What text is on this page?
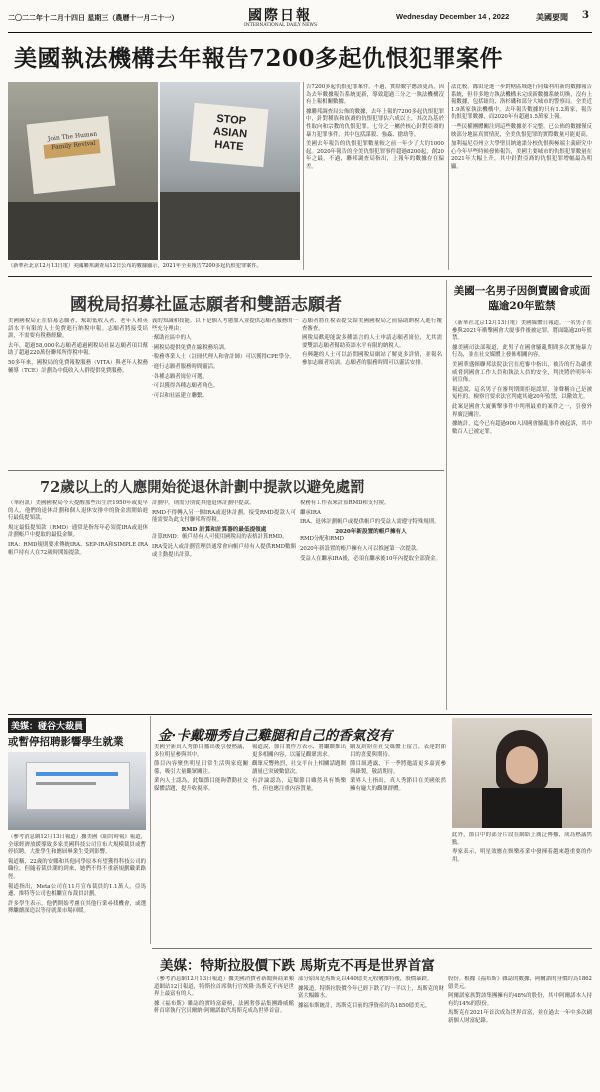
二〇二二年十二月十四日 星期三（農曆十一月二十一）	國際日報
INTERNATIONAL DAILY NEWS
Wednesday December 14 , 2022	美國要聞 3
美國執法機構去年報告7200多起仇恨犯罪案件
Join The Human Family Revival
STOP ASIAN HATE
（新華社北京12月13日電）美國聯邦調查局12日公布的數據顯示，2021年全美報告7200多起仇恨犯罪案件。

告7200多起仇恨犯罪案件。不過，實際數字應該更高，因為去年數據報告系統更新，導致超過三分之一執法機構沒有上報相關數據。

據聯邦調查局公佈的數據，去年上報的7200多起仇恨犯罪中，針對種族和族裔的仇恨犯罪佔六成以上，其次為基於性取向和宗教的仇恨犯罪。七分之一屬於核心針對亞裔的暴力犯罪事件，其中包括謀殺、強姦、搶劫等。

美國去年報告的仇恨犯罪數量較之前一年少了大約1000起。2020年報告的全美仇恨犯罪事件超過8200起，創20年之最。不過，聯邦調查局指出，上報年的數據存在偏差。

法比較。緣由是進一步對轄區域進行同類利用新的數據報告系統，但非多地方執法機構未完成新數據系統切換，沒有上報數據，包括紐約、洛杉磯和部分大城市的警察局。全美近1.9萬家執法機構中，去年報告數據的只有1.2萬家，報告仇恨犯罪數據，而2020年有超過1.5萬家上報。

一些民權團體關注到這些數據並不完整。已公佈的數據僅反映部分地區真實情況，全美仇恨犯罪的實際數量可能更高。

加利福尼亞州立大學聖貝納迪諾分校仇恨與極端主義研究中心今年早些時候發佈報告，美國主要城市的仇恨犯罪數量在2021年大幅上升，其中針對亞裔的仇恨犯罪增幅最為明顯。

國稅局招募社區志願者和雙語志願者

美國國稅局正在招募志願者，幫助低收入者、老年人和英語水平有限的人士免費進行納稅申報。志願者將接受培訓，不需要有稅務經驗。

去年，超過58,000名志願者通過國稅局社區志願者項目幫助了超過220萬份聯邦所得稅申報。

50多年來，國稅局的免費報稅服務（VITA）與老年人稅務輔導（TCE）計劃為中低收入人群提供免費服務。

義的知識和技能。以下是個人考慮加入並提供志願者服務的一些充分理由：

·幫助社區中的人

·國稅局提供免費在線稅務培訓。

·稅務專業人士（註冊代理人和會計師）可以獲得CPE學分。

·進行志願者服務時間靈活。

·各種志願者崗位可選。

·可以獲得各種志願者角色。

·可以和社區建立聯繫。

志願者將在稅表提交給美國國稅局之前協助納稅人進行覆查審查。

國稅局歡迎能說多種語言的人士申請志願者崗位，尤其需要雙語志願者幫助英語水平有限的納稅人。

有興趣的人士可以訪問國稅局網站了解更多詳情，並報名參加志願者培訓。志願者的服務時間可以靈活安排。

美國一名男子因倒賣國會或面臨逾20年監禁

（新華社北京12月13日電）美國媒體日報道，一名男子在參與2021年衝擊國會大廈事件後被定罪，將面臨逾20年監禁。

據美國司法部報道，此男子在國會騷亂期間多次實施暴力行為，並在社交媒體上發佈相關內容。

美國華盛頓聯邦法院法官在庭審中指出，被告的行為嚴重威脅到國會工作人員和執法人員的安全，判決將於明年年初宣佈。

報道說，這名男子在審判期間拒絕認罪，並聲稱自己是被冤枉的。檢察官要求法官判處其逾20年監禁，以儆效尤。

此案是國會大廈衝擊事件中判刑最重的案件之一，引發外界廣泛關注。

據統計，迄今已有超過900人因國會騷亂事件被起訴，其中數百人已被定罪。

72歲以上的人應開始從退休計劃中提款以避免處罰

（華府訊）美國國稅局今天提醒那些出生於1950年或更早的人，他們的退休計劃和個人退休安排中的資金需開始進行最低提領款。

規定最低提領款（RMD）通常是指每年必須從IRA或退休計劃帳戶中提取的最低金額。

IRA：RMD規則要求傳統IRA、SEP-IRA和SIMPLE IRA帳戶持有人在72歲時開始提款。

計劃中，則需分別從其他退休計劃中提款。

RMD不得轉入另一個IRA或退休計劃。接受RMD提款人可能需要為此支付聯邦所得稅。

RMD 計算和計算器的最低提領處

計算RMD：帳戶持有人可使用國稅局的表格計算RMD。

IRA受託人或計劃管理員通常會向帳戶持有人提供RMD數額或主動提出計算。

稅務有工作表來計算RMD和支付稅。

繼承IRA

IRA、退休計劃帳戶或提供帳戶的受益人需遵守特殊規則。

2020年新設置的帳戶擁有人

RMD分配和RMD

2020年新設置的帳戶擁有人可以推遲第一次提款。

受益人在繼承IRA後，必須在繼承後10年內提取全部資金。

美媒：碰谷大裁員
或暫停招聘影響學生就業

（參考消息網12月13日報道）據美國《紐約時報》報道，全球經濟放緩導致多家美國科技公司宣布大規模裁員或暫停招聘，大批學生和應屆畢業生受到影響。

報道稱，22歲的安娜和其他同學原本有望獲得科技公司的職位，但隨着裁員潮的到來，她們不得不重新規劃職業路徑。

報道指出，Meta公司在11月宣布裁員約1.1萬人，亞馬遜、推特等公司也相繼宣布裁員計劃。

許多學生表示，他們開始考慮在其他行業尋找機會，或選擇繼續深造以等待就業市場回暖。

金·卡戴珊秀自己雞腿和自己的香氣沒有

美國全新真人秀節目播出後引發熱議，多位明星參與其中。

節目內容聚焦明星日常生活與家庭關係，吸引大量觀眾關注。

業內人士認為，此類節目能夠帶動社交媒體話題，提升收視率。

報道說，節目製作方表示，將繼續推出更多相關內容，以滿足觀眾需求。

觀眾反響熱烈，社交平台上相關話題閱讀量已突破數億次。

有評論認為，這類節目雖然具有娛樂性，但也應注重內容質量。

網友紛紛在社交媒體上留言，表達對節目的喜愛與期待。

節目組透露，下一季將邀請更多嘉賓參與錄製，敬請期待。

業界人士指出，真人秀節目在美國依然擁有龐大的觀眾群體。

此外，節目中的部分片段在網絡上廣泛傳播，成為熱議焦點。

專家表示，明星效應在娛樂產業中發揮着越來越重要的作用。

美媒：特斯拉股價下跌 馬斯克不再是世界首富

（參考消息網12月13日報道）據美國消費者新聞與商業頻道網站12日報道，特斯拉首席執行官埃隆·馬斯克不再是世界上最富有的人。

據《福布斯》雜誌的實時富豪榜，法國奢侈品集團路威酩軒首席執行官貝爾納·阿爾諾取代馬斯克成為世界首富。

部分原因是馬斯克以440億美元收購推特後，股價暴跌。

據報道，特斯拉股價今年已經下跌了約一半以上，馬斯克的財富大幅縮水。

據福布斯統計，馬斯克目前的淨資產約為1850億美元。

股份。根據《福布斯》雜誌的數據，阿爾諾的身價約為1862億美元。

阿爾諾家族對該集團擁有約48%的股份，其中阿爾諾本人持有約14%的股份。

馬斯克在2021年首次成為世界首富，並在過去一年中多次刷新個人財富紀錄。
